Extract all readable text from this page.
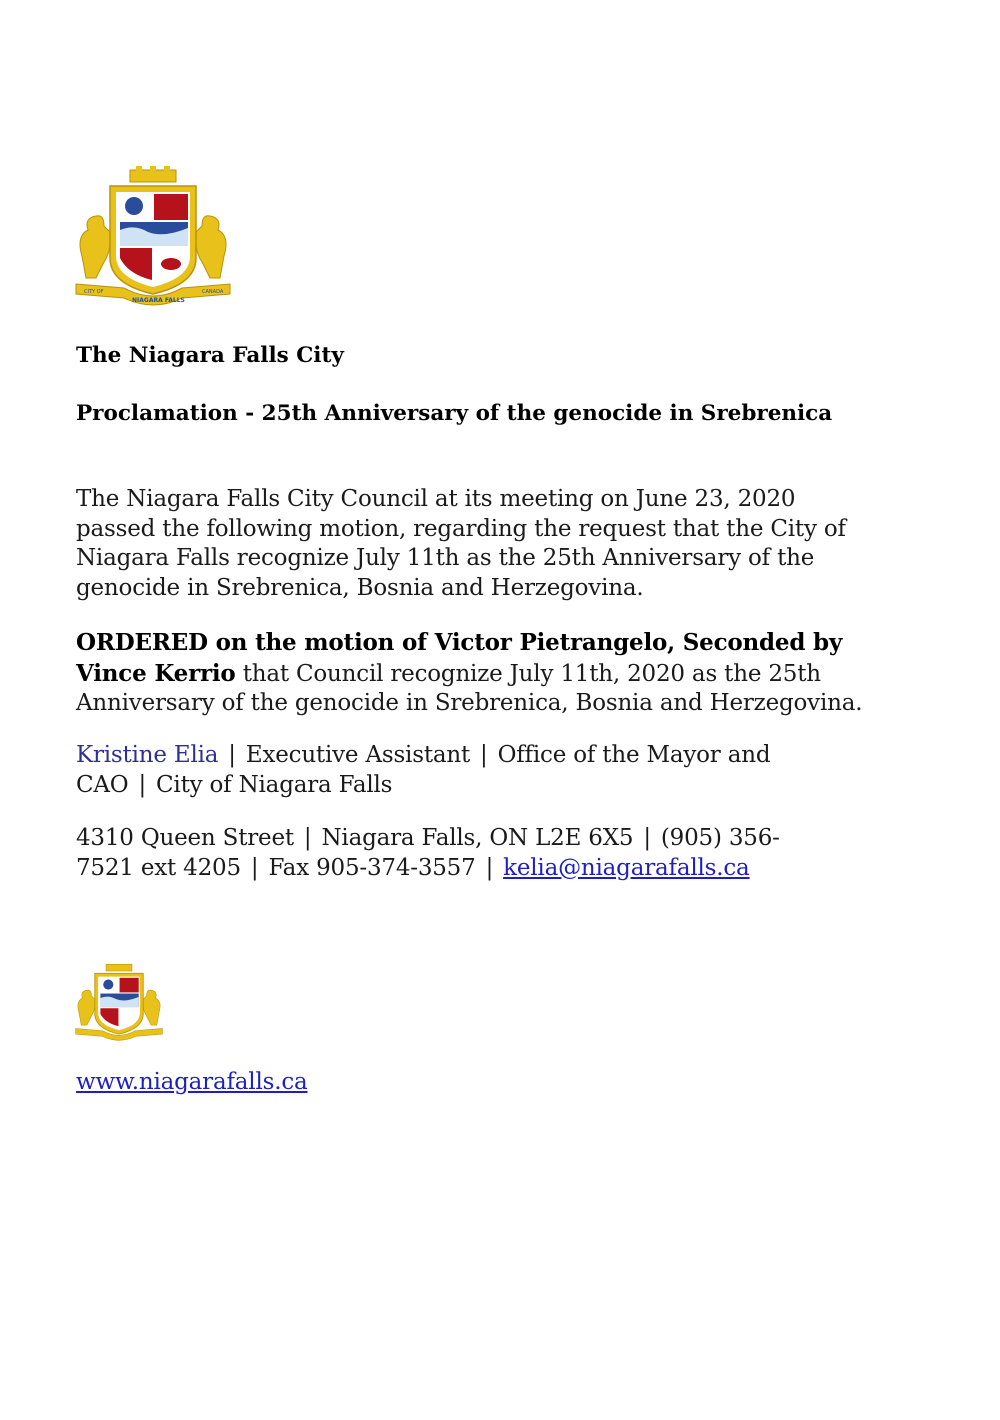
CITY OF
NIAGARA FALLS
CANADA
The Niagara Falls City
Proclamation - 25th Anniversary of the genocide in Srebrenica
The Niagara Falls City Council at its meeting on June 23, 2020
passed the following motion, regarding the request that the City of
Niagara Falls recognize July 11th as the 25th Anniversary of the
genocide in Srebrenica, Bosnia and Herzegovina.
ORDERED on the motion of Victor Pietrangelo, Seconded by
Vince Kerrio that Council recognize July 11th, 2020 as the 25th
Anniversary of the genocide in Srebrenica, Bosnia and Herzegovina.
Kristine Elia | Executive Assistant | Office of the Mayor and
CAO | City of Niagara Falls
4310 Queen Street | Niagara Falls, ON L2E 6X5 | (905) 356-
7521 ext 4205 | Fax 905-374-3557 | kelia@niagarafalls.ca
www.niagarafalls.ca
